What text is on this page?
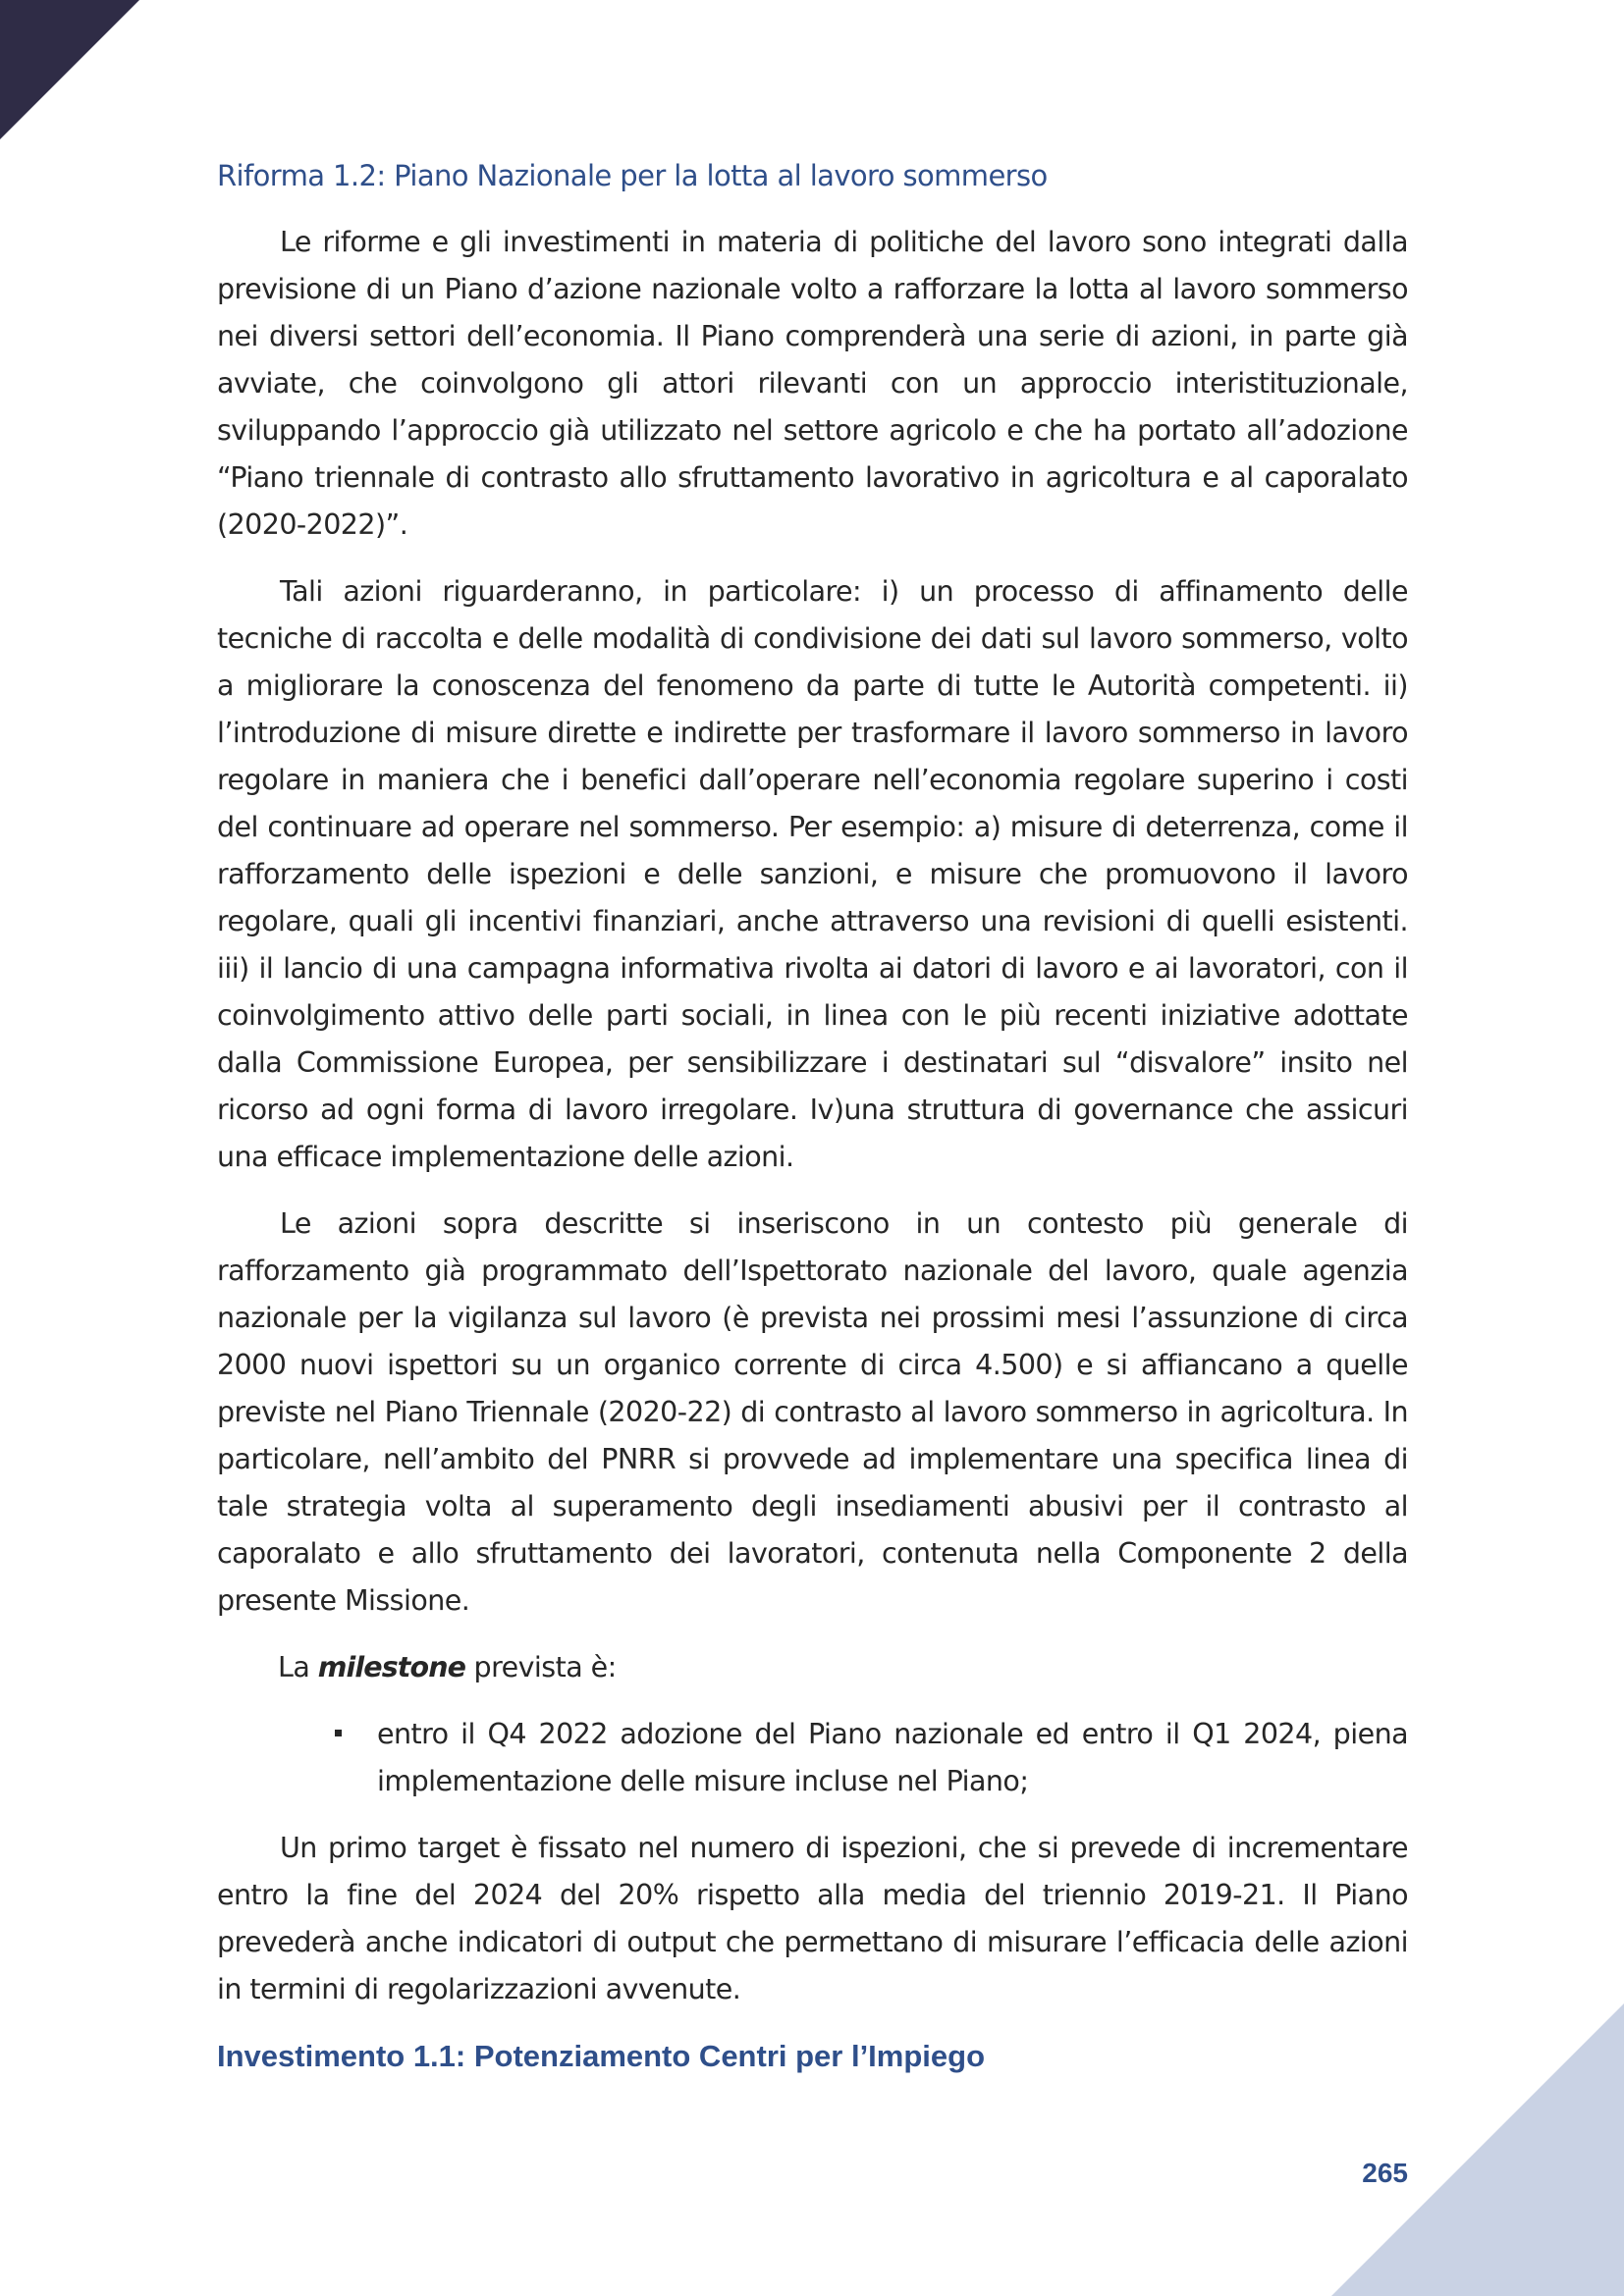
Riforma 1.2: Piano Nazionale per la lotta al lavoro sommerso

Le riforme e gli investimenti in materia di politiche del lavoro sono integrati dalla previsione di un Piano d’azione nazionale volto a rafforzare la lotta al lavoro sommerso nei diversi settori dell’economia. Il Piano comprenderà una serie di azioni, in parte già avviate, che coinvolgono gli attori rilevanti con un approccio interistituzionale, sviluppando l’approccio già utilizzato nel settore agricolo e che ha portato all’adozione “Piano triennale di contrasto allo sfruttamento lavorativo in agricoltura e al caporalato (2020-2022)”.

Tali azioni riguarderanno, in particolare: i) un processo di affinamento delle tecniche di raccolta e delle modalità di condivisione dei dati sul lavoro sommerso, volto a migliorare la conoscenza del fenomeno da parte di tutte le Autorità competenti. ii) l’introduzione di misure dirette e indirette per trasformare il lavoro sommerso in lavoro regolare in maniera che i benefici dall’operare nell’economia regolare superino i costi del continuare ad operare nel sommerso. Per esempio: a) misure di deterrenza, come il rafforzamento delle ispezioni e delle sanzioni, e misure che promuovono il lavoro regolare, quali gli incentivi finanziari, anche attraverso una revisioni di quelli esistenti. iii) il lancio di una campagna informativa rivolta ai datori di lavoro e ai lavoratori, con il coinvolgimento attivo delle parti sociali, in linea con le più recenti iniziative adottate dalla Commissione Europea, per sensibilizzare i destinatari sul “disvalore” insito nel ricorso ad ogni forma di lavoro irregolare. Iv)una struttura di governance che assicuri una efficace implementazione delle azioni.

Le azioni sopra descritte si inseriscono in un contesto più generale di rafforzamento già programmato dell’Ispettorato nazionale del lavoro, quale agenzia nazionale per la vigilanza sul lavoro (è prevista nei prossimi mesi l’assunzione di circa 2000 nuovi ispettori su un organico corrente di circa 4.500) e si affiancano a quelle previste nel Piano Triennale (2020-22) di contrasto al lavoro sommerso in agricoltura. In particolare, nell’ambito del PNRR si provvede ad implementare una specifica linea di tale strategia volta al superamento degli insediamenti abusivi per il contrasto al caporalato e allo sfruttamento dei lavoratori, contenuta nella Componente 2 della presente Missione.

La milestone prevista è:

entro il Q4 2022 adozione del Piano nazionale ed entro il Q1 2024, piena implementazione delle misure incluse nel Piano;

Un primo target è fissato nel numero di ispezioni, che si prevede di incrementare entro la fine del 2024 del 20% rispetto alla media del triennio 2019-21. Il Piano prevederà anche indicatori di output che permettano di misurare l’efficacia delle azioni in termini di regolarizzazioni avvenute.

Investimento 1.1: Potenziamento Centri per l’Impiego
265
